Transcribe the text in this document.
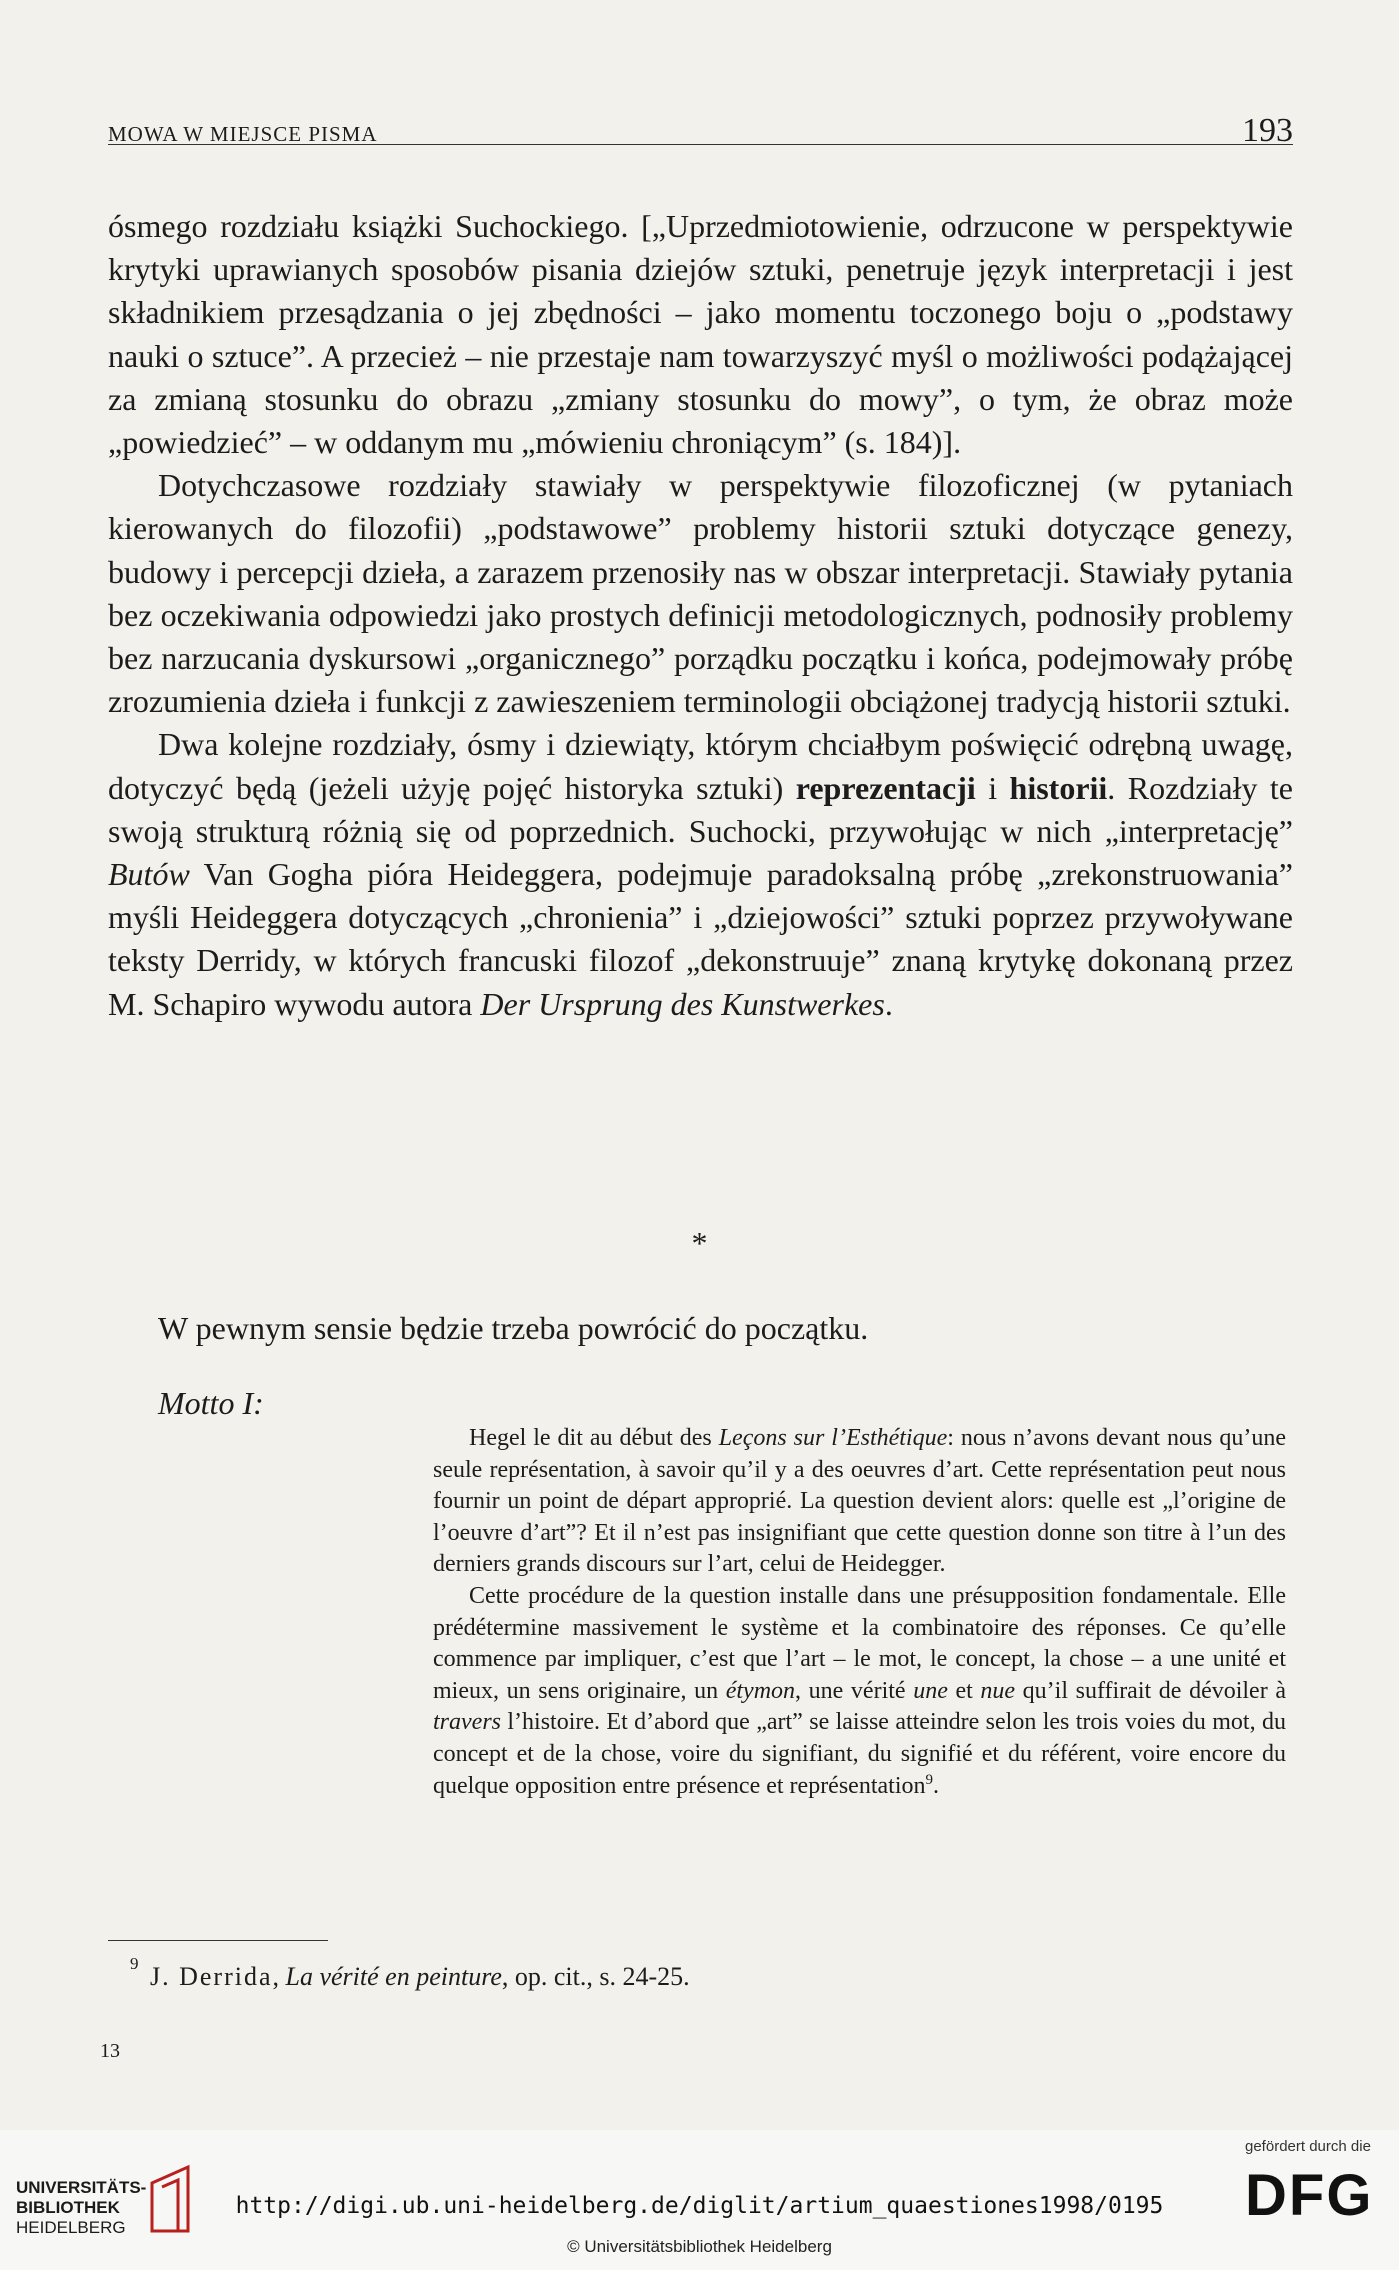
MOWA W MIEJSCE PISMA	193

ósmego rozdziału książki Suchockiego. [„Uprzedmiotowienie, odrzucone w perspektywie krytyki uprawianych sposobów pisania dziejów sztuki, penetruje język interpretacji i jest składnikiem przesądzania o jej zbędności – jako momentu toczonego boju o „podstawy nauki o sztuce”. A przecież – nie przestaje nam towarzyszyć myśl o możliwości podążającej za zmianą stosunku do obrazu „zmiany stosunku do mowy”, o tym, że obraz może „powiedzieć” – w oddanym mu „mówieniu chroniącym” (s. 184)].

Dotychczasowe rozdziały stawiały w perspektywie filozoficznej (w pytaniach kierowanych do filozofii) „podstawowe” problemy historii sztuki dotyczące genezy, budowy i percepcji dzieła, a zarazem przenosiły nas w obszar interpretacji. Stawiały pytania bez oczekiwania odpowiedzi jako prostych definicji metodologicznych, podnosiły problemy bez narzucania dyskursowi „organicznego” porządku początku i końca, podejmowały próbę zrozumienia dzieła i funkcji z zawieszeniem terminologii obciążonej tradycją historii sztuki.

Dwa kolejne rozdziały, ósmy i dziewiąty, którym chciałbym poświęcić odrębną uwagę, dotyczyć będą (jeżeli użyję pojęć historyka sztuki) reprezentacji i historii. Rozdziały te swoją strukturą różnią się od poprzednich. Suchocki, przywołując w nich „interpretację” Butów Van Gogha pióra Heideggera, podejmuje paradoksalną próbę „zrekonstruowania” myśli Heideggera dotyczących „chronienia” i „dziejowości” sztuki poprzez przywoływane teksty Derridy, w których francuski filozof „dekonstruuje” znaną krytykę dokonaną przez M. Schapiro wywodu autora Der Ursprung des Kunstwerkes.

*
W pewnym sensie będzie trzeba powrócić do początku.
Motto I:

Hegel le dit au début des Leçons sur l’Esthétique: nous n’avons devant nous qu’une seule représentation, à savoir qu’il y a des oeuvres d’art. Cette représentation peut nous fournir un point de départ approprié. La question devient alors: quelle est „l’origine de l’oeuvre d’art”? Et il n’est pas insignifiant que cette question donne son titre à l’un des derniers grands discours sur l’art, celui de Heidegger.

Cette procédure de la question installe dans une présupposition fondamentale. Elle prédétermine massivement le système et la combinatoire des réponses. Ce qu’elle commence par impliquer, c’est que l’art – le mot, le concept, la chose – a une unité et mieux, un sens originaire, un étymon, une vérité une et nue qu’il suffirait de dévoiler à travers l’histoire. Et d’abord que „art” se laisse atteindre selon les trois voies du mot, du concept et de la chose, voire du signifiant, du signifié et du référent, voire encore du quelque opposition entre présence et représentation$^9$.

9 J. Derrida, La vérité en peinture, op. cit., s. 24-25.
13
UNIVERSITÄTS-
BIBLIOTHEK
HEIDELBERG
http://digi.ub.uni-heidelberg.de/diglit/artium_quaestiones1998/0195
© Universitätsbibliothek Heidelberg
gefördert durch die
DFG
